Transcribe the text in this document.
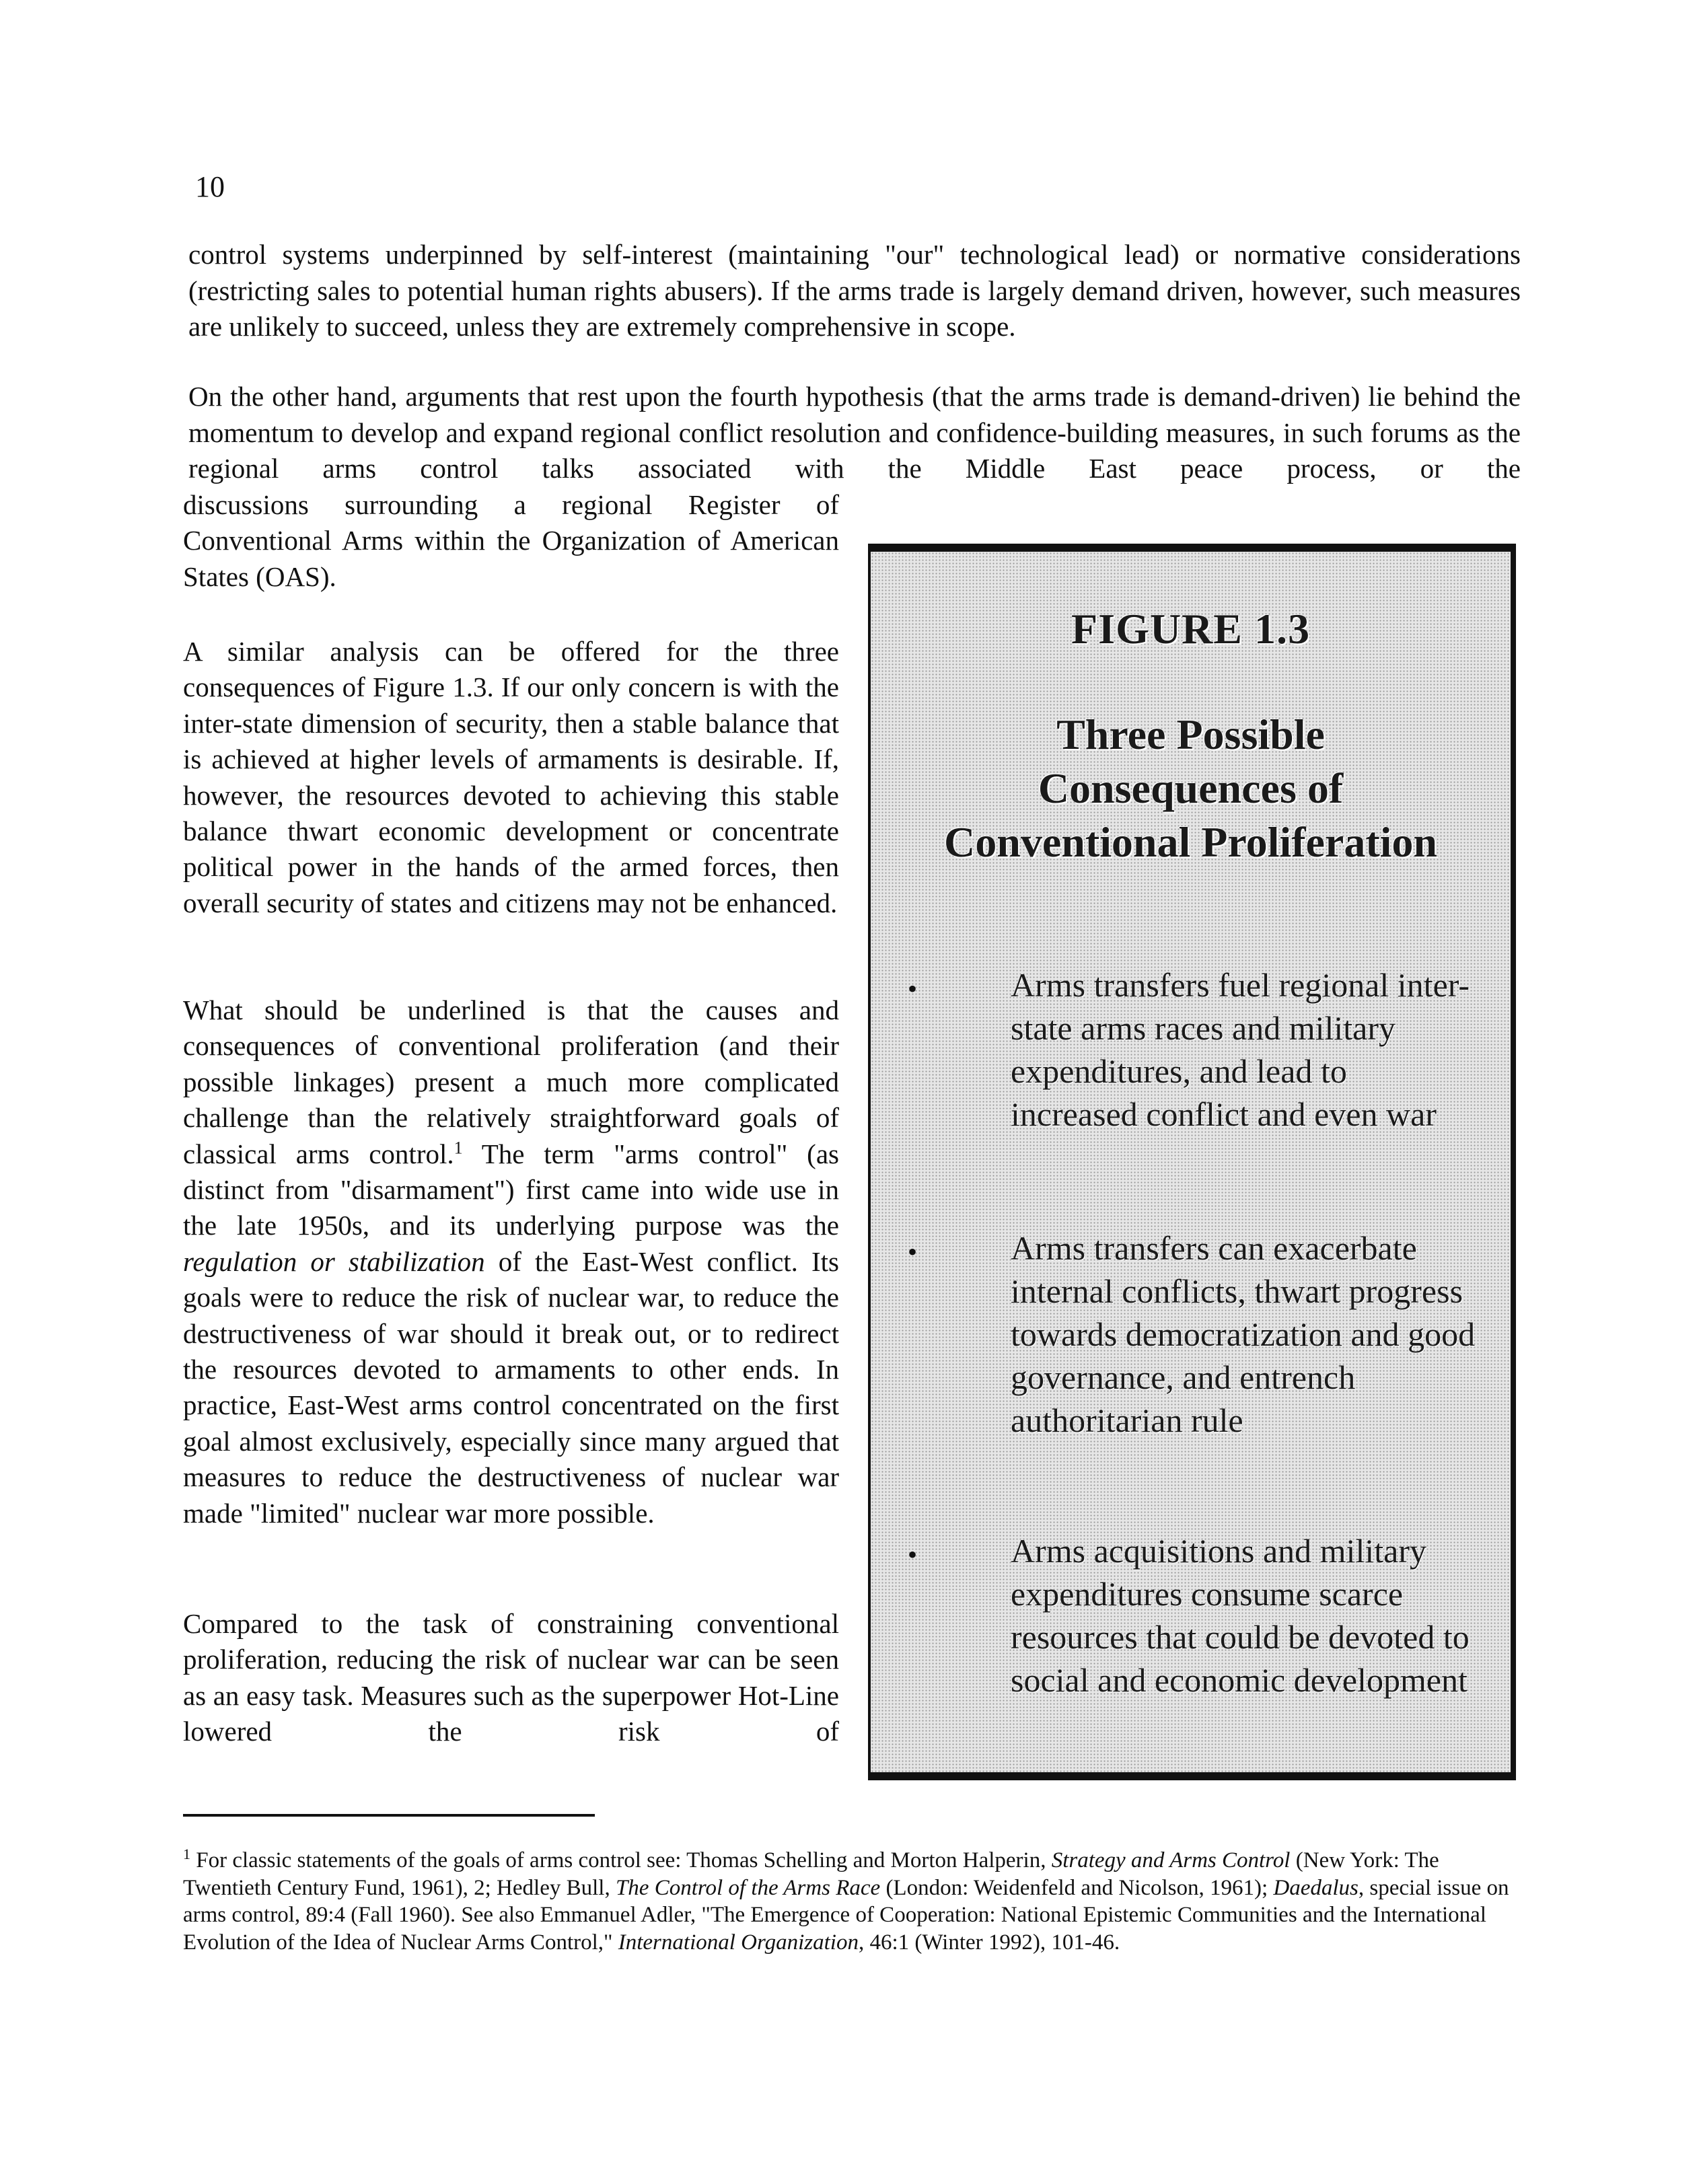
10

control systems underpinned by self-interest (maintaining "our" technological lead) or normative considerations (restricting sales to potential human rights abusers). If the arms trade is largely demand driven, however, such measures are unlikely to succeed, unless they are extremely comprehensive in scope.

On the other hand, arguments that rest upon the fourth hypothesis (that the arms trade is demand-driven) lie behind the momentum to develop and expand regional conflict resolution and confidence-building measures, in such forums as the regional arms control talks associated with the Middle East peace process, or the

discussions surrounding a regional Register of Conventional Arms within the Organization of American States (OAS).

A similar analysis can be offered for the three consequences of Figure 1.3. If our only concern is with the inter-state dimension of security, then a stable balance that is achieved at higher levels of armaments is desirable. If, however, the resources devoted to achieving this stable balance thwart economic development or concentrate political power in the hands of the armed forces, then overall security of states and citizens may not be enhanced.

What should be underlined is that the causes and consequences of conventional proliferation (and their possible linkages) present a much more complicated challenge than the relatively straightforward goals of classical arms control.$^1$ The term "arms control" (as distinct from "disarmament") first came into wide use in the late 1950s, and its underlying purpose was the regulation or stabilization of the East-West conflict. Its goals were to reduce the risk of nuclear war, to reduce the destructiveness of war should it break out, or to redirect the resources devoted to armaments to other ends. In practice, East-West arms control concentrated on the first goal almost exclusively, especially since many argued that measures to reduce the destructiveness of nuclear war made "limited" nuclear war more possible.

Compared to the task of constraining conventional proliferation, reducing the risk of nuclear war can be seen as an easy task. Measures such as the superpower Hot-Line lowered the risk of

FIGURE 1.3
Three Possible
Consequences of
Conventional Proliferation
•	Arms transfers fuel regional inter-state arms races and military expenditures, and lead to increased conflict and even war
•	Arms transfers can exacerbate internal conflicts, thwart progress towards democratization and good governance, and entrench authoritarian rule
•	Arms acquisitions and military expenditures consume scarce resources that could be devoted to social and economic development

$^1$ For classic statements of the goals of arms control see: Thomas Schelling and Morton Halperin, Strategy and Arms Control (New York: The Twentieth Century Fund, 1961), 2; Hedley Bull, The Control of the Arms Race (London: Weidenfeld and Nicolson, 1961); Daedalus, special issue on arms control, 89:4 (Fall 1960). See also Emmanuel Adler, "The Emergence of Cooperation: National Epistemic Communities and the International Evolution of the Idea of Nuclear Arms Control," International Organization, 46:1 (Winter 1992), 101-46.
